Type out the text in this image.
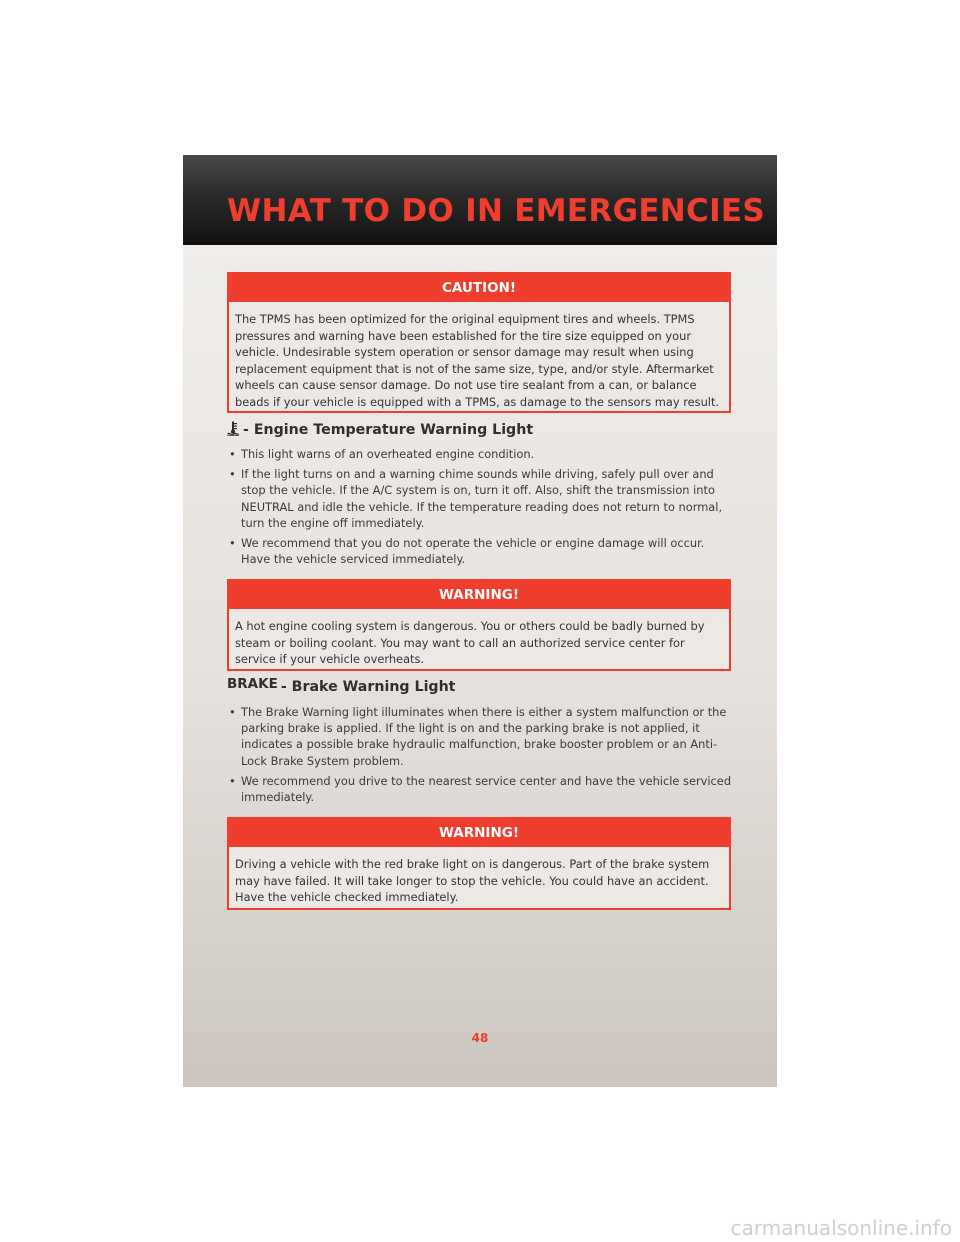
WHAT TO DO IN EMERGENCIES
CAUTION!
The TPMS has been optimized for the original equipment tires and wheels. TPMS pressures and warning have been established for the tire size equipped on your vehicle. Undesirable system operation or sensor damage may result when using replacement equipment that is not of the same size, type, and/or style. Aftermarket wheels can cause sensor damage. Do not use tire sealant from a can, or balance beads if your vehicle is equipped with a TPMS, as damage to the sensors may result.
- Engine Temperature Warning Light
• This light warns of an overheated engine condition.
• If the light turns on and a warning chime sounds while driving, safely pull over and stop the vehicle. If the A/C system is on, turn it off. Also, shift the transmission into NEUTRAL and idle the vehicle. If the temperature reading does not return to normal, turn the engine off immediately.
• We recommend that you do not operate the vehicle or engine damage will occur. Have the vehicle serviced immediately.
WARNING!
A hot engine cooling system is dangerous. You or others could be badly burned by steam or boiling coolant. You may want to call an authorized service center for service if your vehicle overheats.
BRAKE - Brake Warning Light
• The Brake Warning light illuminates when there is either a system malfunction or the parking brake is applied. If the light is on and the parking brake is not applied, it indicates a possible brake hydraulic malfunction, brake booster problem or an Anti-Lock Brake System problem.
• We recommend you drive to the nearest service center and have the vehicle serviced immediately.
WARNING!
Driving a vehicle with the red brake light on is dangerous. Part of the brake system may have failed. It will take longer to stop the vehicle. You could have an accident. Have the vehicle checked immediately.
48
carmanualsonline.info
